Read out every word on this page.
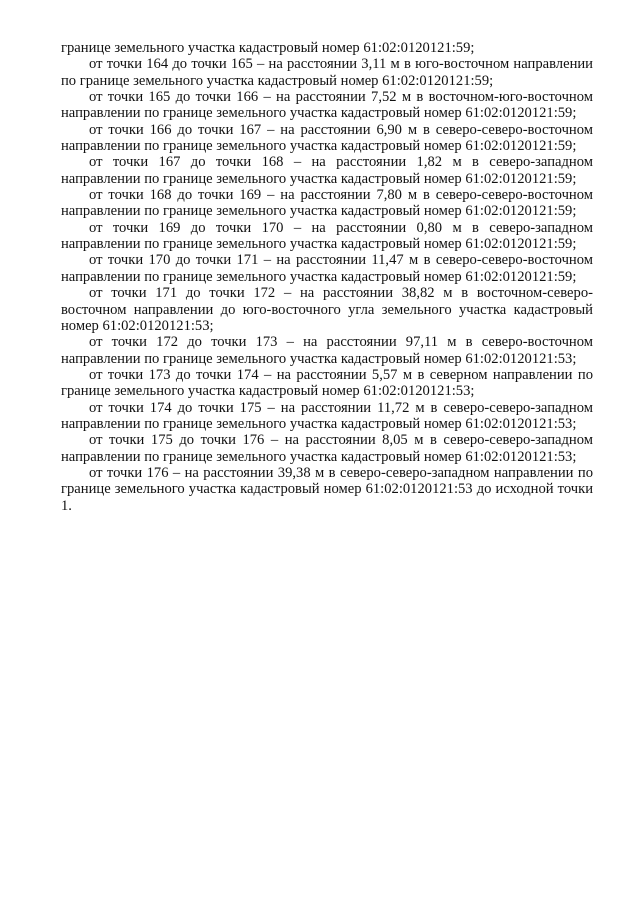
границе земельного участка кадастровый номер 61:02:0120121:59;

от точки 164 до точки 165 – на расстоянии 3,11 м в юго-восточном направлении по границе земельного участка кадастровый номер 61:02:0120121:59;

от точки 165 до точки 166 – на расстоянии 7,52 м в восточном-юго-восточном направлении по границе земельного участка кадастровый номер 61:02:0120121:59;

от точки 166 до точки 167 – на расстоянии 6,90 м в северо-северо-восточном направлении по границе земельного участка кадастровый номер 61:02:0120121:59;

от точки 167 до точки 168 – на расстоянии 1,82 м в северо-западном направлении по границе земельного участка кадастровый номер 61:02:0120121:59;

от точки 168 до точки 169 – на расстоянии 7,80 м в северо-северо-восточном направлении по границе земельного участка кадастровый номер 61:02:0120121:59;

от точки 169 до точки 170 – на расстоянии 0,80 м в северо-западном направлении по границе земельного участка кадастровый номер 61:02:0120121:59;

от точки 170 до точки 171 – на расстоянии 11,47 м в северо-северо-восточном направлении по границе земельного участка кадастровый номер 61:02:0120121:59;

от точки 171 до точки 172 – на расстоянии 38,82 м в восточном-северо-восточном направлении до юго-восточного угла земельного участка кадастровый номер 61:02:0120121:53;

от точки 172 до точки 173 – на расстоянии 97,11 м в северо-восточном направлении по границе земельного участка кадастровый номер 61:02:0120121:53;

от точки 173 до точки 174 – на расстоянии 5,57 м в северном направлении по границе земельного участка кадастровый номер 61:02:0120121:53;

от точки 174 до точки 175 – на расстоянии 11,72 м в северо-северо-западном направлении по границе земельного участка кадастровый номер 61:02:0120121:53;

от точки 175 до точки 176 – на расстоянии 8,05 м в северо-северо-западном направлении по границе земельного участка кадастровый номер 61:02:0120121:53;

от точки 176 – на расстоянии 39,38 м в северо-северо-западном направлении по границе земельного участка кадастровый номер 61:02:0120121:53 до исходной точки 1.
